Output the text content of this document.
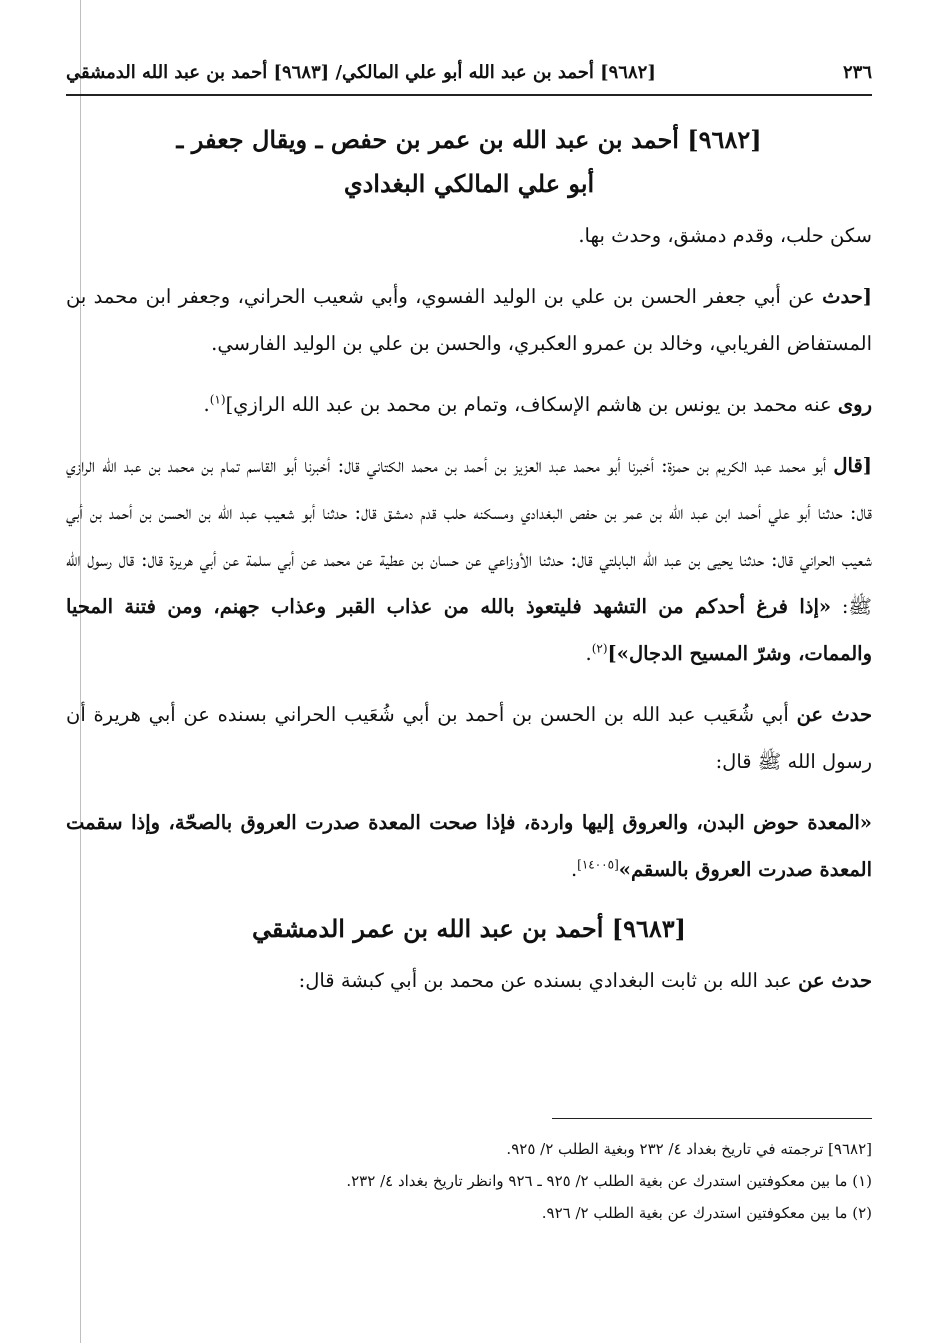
٢٣٦
[٩٦٨٢] أحمد بن عبد الله أبو علي المالكي/ [٩٦٨٣] أحمد بن عبد الله الدمشقي
[٩٦٨٢] أحمد بن عبد الله بن عمر بن حفص ـ ويقال جعفر ـ
أبو علي المالكي البغدادي

سكن حلب، وقدم دمشق، وحدث بها.

[حدث عن أبي جعفر الحسن بن علي بن الوليد الفسوي، وأبي شعيب الحراني، وجعفر ابن محمد بن المستفاض الفريابي، وخالد بن عمرو العكبري، والحسن بن علي بن الوليد الفارسي.

روى عنه محمد بن يونس بن هاشم الإسكاف، وتمام بن محمد بن عبد الله الرازي]$^{(١)}$.

[قال أبو محمد عبد الكريم بن حمزة: أخبرنا أبو محمد عبد العزيز بن أحمد بن محمد الكتاني قال: أخبرنا أبو القاسم تمام بن محمد بن عبد الله الرازي قال: حدثنا أبو علي أحمد ابن عبد الله بن عمر بن حفص البغدادي ومسكنه حلب قدم دمشق قال: حدثنا أبو شعيب عبد الله بن الحسن بن أحمد بن أبي شعيب الحراني قال: حدثنا يحيى بن عبد الله البابلتي قال: حدثنا الأوزاعي عن حسان بن عطية عن محمد عن أبي سلمة عن أبي هريرة قال: قال رسول الله ﷺ: «إذا فرغ أحدكم من التشهد فليتعوذ بالله من عذاب القبر وعذاب جهنم، ومن فتنة المحيا والممات، وشرّ المسيح الدجال»]$^{(٢)}$.

حدث عن أبي شُعَيب عبد الله بن الحسن بن أحمد بن أبي شُعَيب الحراني بسنده عن أبي هريرة أن رسول الله ﷺ قال:

«المعدة حوض البدن، والعروق إليها واردة، فإذا صحت المعدة صدرت العروق بالصحّة، وإذا سقمت المعدة صدرت العروق بالسقم»[١٤٠٠٥].

[٩٦٨٣] أحمد بن عبد الله بن عمر الدمشقي

حدث عن عبد الله بن ثابت البغدادي بسنده عن محمد بن أبي كبشة قال:

[٩٦٨٢] ترجمته في تاريخ بغداد ٤/ ٢٣٢ وبغية الطلب ٢/ ٩٢٥.
(١) ما بين معكوفتين استدرك عن بغية الطلب ٢/ ٩٢٥ ـ ٩٢٦ وانظر تاريخ بغداد ٤/ ٢٣٢.
(٢) ما بين معكوفتين استدرك عن بغية الطلب ٢/ ٩٢٦.
